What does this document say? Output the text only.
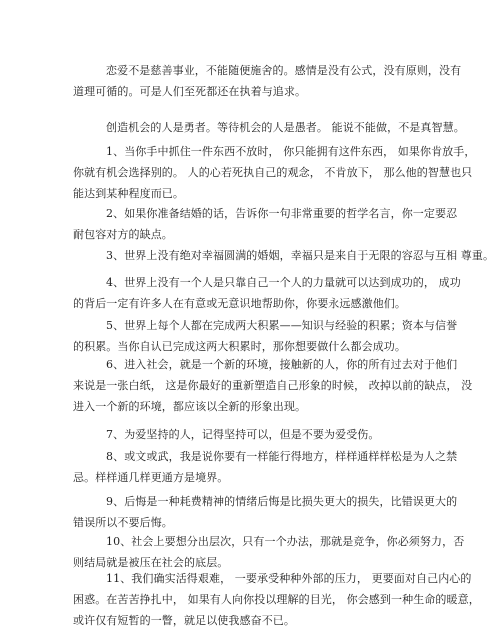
恋爱不是慈善事业，不能随便施舍的。感情是没有公式，没有原则，没有
道理可循的。可是人们至死都还在执着与追求。
创造机会的人是勇者。等待机会的人是愚者。 能说不能做，不是真智慧。
1、当你手中抓住一件东西不放时， 你只能拥有这件东西， 如果你肯放手，
你就有机会选择别的。 人的心若死执自己的观念， 不肯放下， 那么他的智慧也只
能达到某种程度而已。
2、如果你准备结婚的话，告诉你一句非常重要的哲学名言，你一定要忍
耐包容对方的缺点。
3、世界上没有绝对幸福圆满的婚姻，幸福只是来自于无限的容忍与互相 尊重。
4、世界上没有一个人是只靠自己一个人的力量就可以达到成功的， 成功
的背后一定有许多人在有意或无意识地帮助你，你要永远感激他们。
5、世界上每个人都在完成两大积累——知识与经验的积累；资本与信誉
的积累。当你自认已完成这两大积累时，那你想要做什么都会成功。
6、进入社会，就是一个新的环境，接触新的人，你的所有过去对于他们
来说是一张白纸， 这是你最好的重新塑造自己形象的时候， 改掉以前的缺点， 没
进入一个新的环境，都应该以全新的形象出现。
7、为爱坚持的人，记得坚持可以，但是不要为爱受伤。
8、或文或武，我是说你要有一样能行得地方，样样通样样松是为人之禁
忌。样样通几样更通方是境界。
9、后悔是一种耗费精神的情绪后悔是比损失更大的损失，比错误更大的
错误所以不要后悔。
10、社会上要想分出层次，只有一个办法，那就是竞争，你必须努力，否
则结局就是被压在社会的底层。
11、我们确实活得艰难， 一要承受种种外部的压力， 更要面对自己内心的
困惑。在苦苦挣扎中， 如果有人向你投以理解的目光， 你会感到一种生命的暖意，
或许仅有短暂的一瞥，就足以使我感奋不已。
